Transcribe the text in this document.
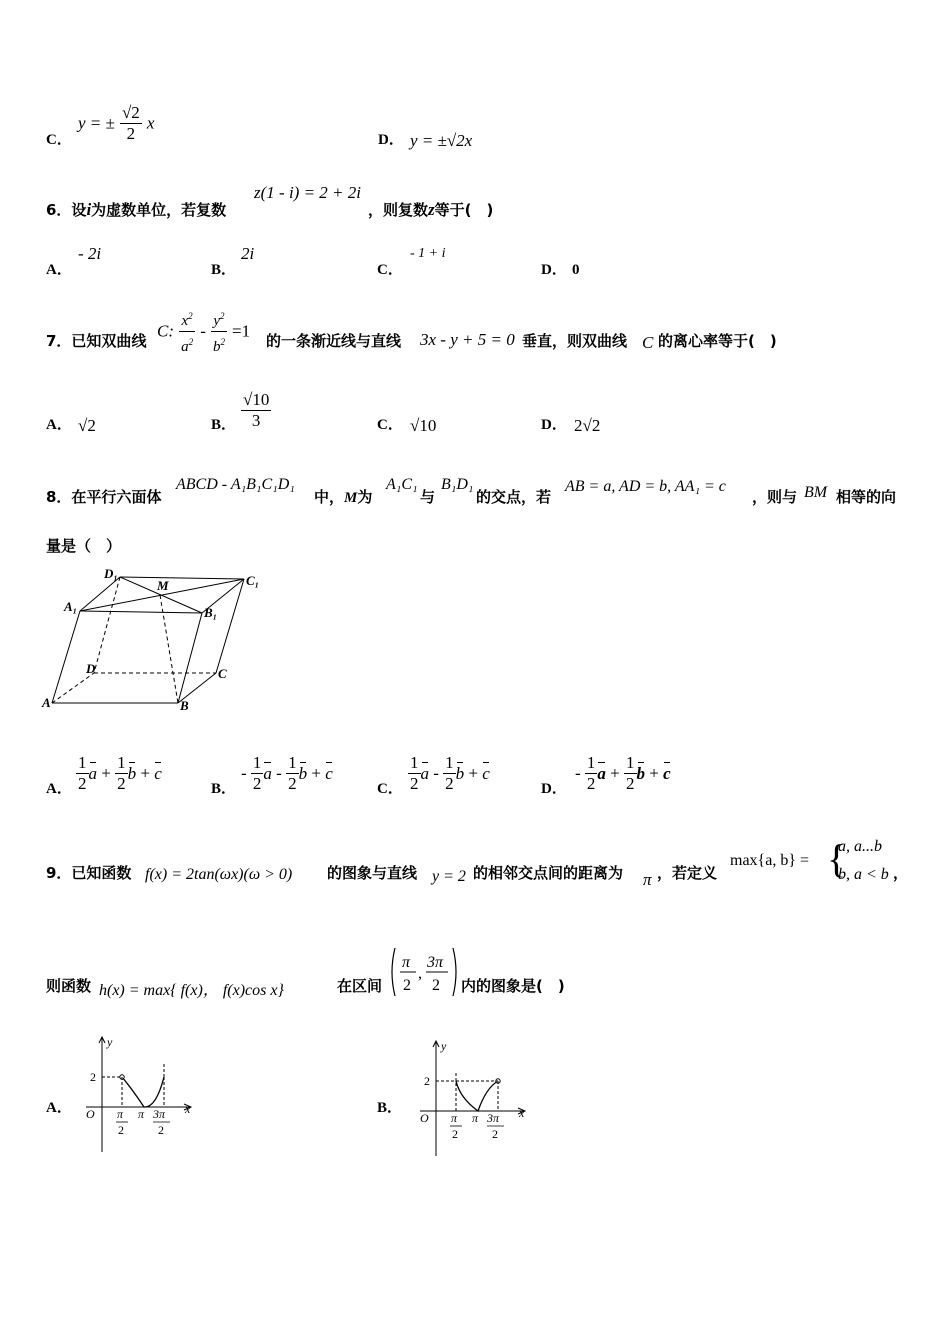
C．
y = ± $\frac{√2}{2}$ x
D． y = ±√2x
6．设i为虚数单位，若复数
z(1 - i) = 2 + 2i
，则复数z等于(　)
A．
- 2i
B．
2i
C．
- 1 + i
D． 0
7．已知双曲线
C: $\frac{x^2}{a^2} - \frac{y^2}{b^2} =1$
的一条渐近线与直线 3x - y + 5 = 0 垂直，则双曲线 C 的离心率等于(　)
A． √2	B． $\frac{√10}{3}$	C． √10	D． 2√2
8．在平行六面体
ABCD - A₁B₁C₁D₁
中，M为
A₁C₁
与
B₁D₁
的交点，若
AB = a, AD = b, AA₁ = c
，则与 BM 相等的向
量是（　）
D₁
M	C₁
A₁	B₁
D	C
A	B
A． $\frac{1}{2}$ $a + \frac{1}{2}$ b + c
B．
- $\frac{1}{2}$ a - $\frac{1}{2}$ b + c
C． $\frac{1}{2}$ a - $\frac{1}{2}$ b + c
D．
- $\frac{1}{2}$ $a + \frac{1}{2}$ b + c
9．已知函数 f(x) = 2tan(ωx)(ω > 0) 的图象与直线 y = 2 的相邻交点间的距离为 π ，若定义
max{a, b} = {
a, a...b
b, a < b ，
则函数 h(x) = max{ f(x)， f(x)cos x}	在区间
π
2
,
3π
2 内的图象是(　)
A．
y
x
O	π
π 3π
2
2	2
B．
y
x
O	π
π 3π
2
2	2
